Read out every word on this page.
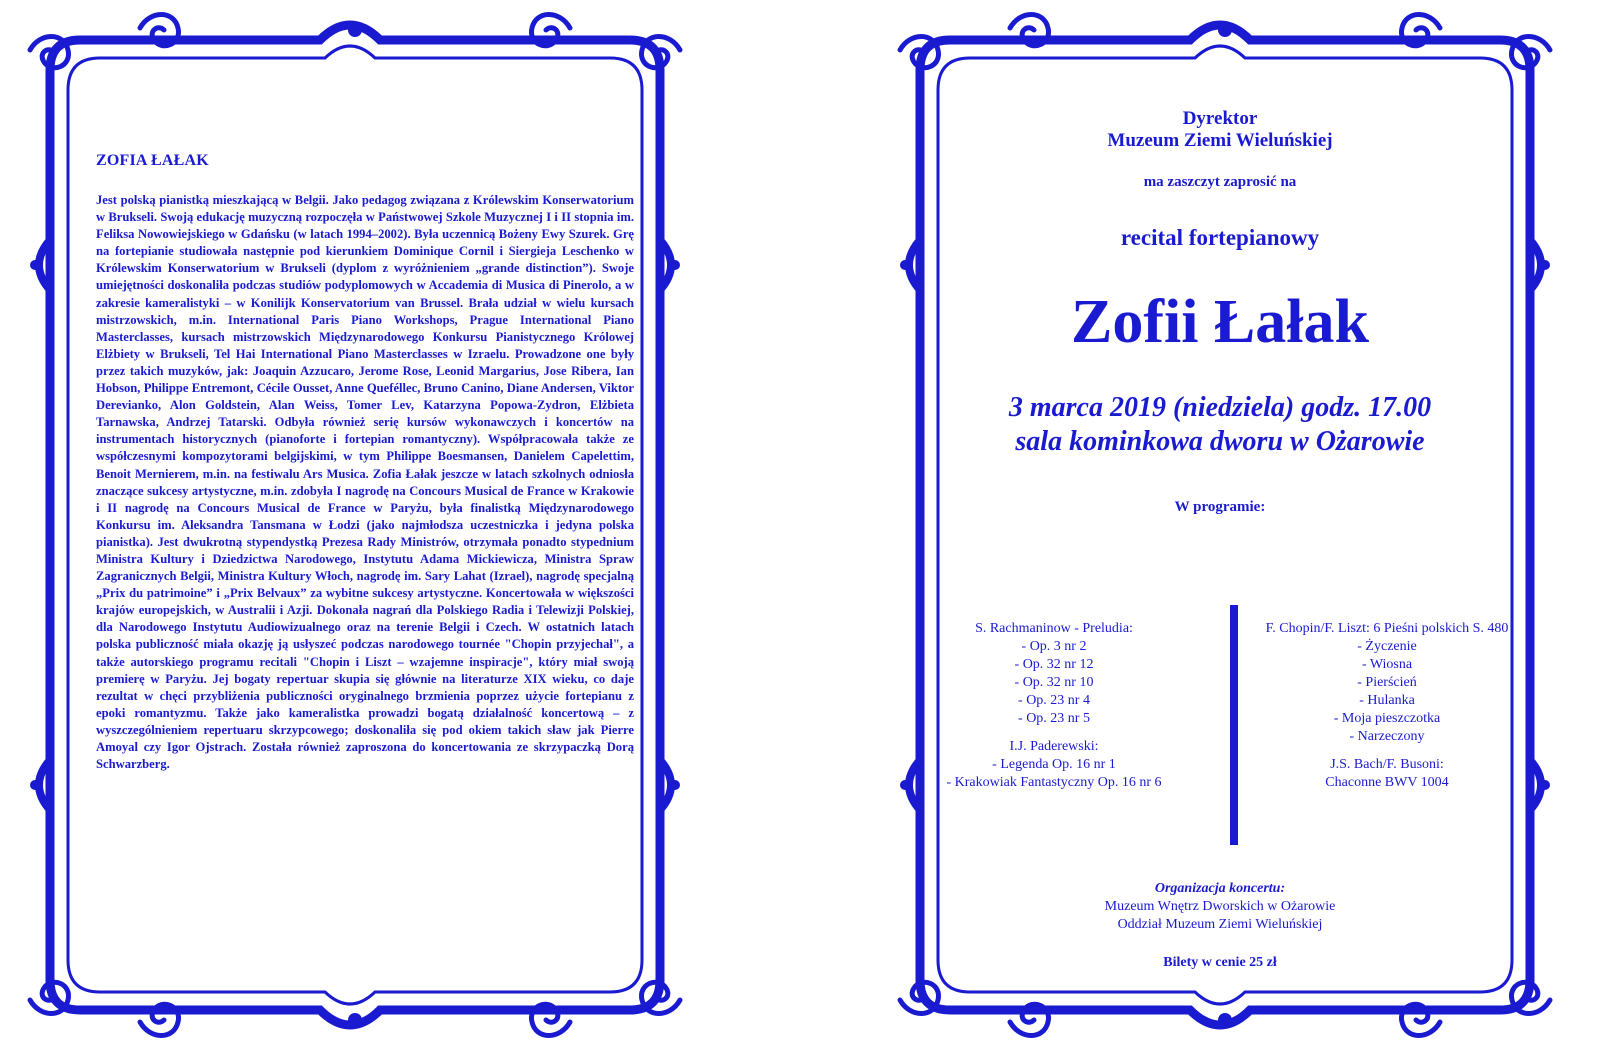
ZOFIA ŁAŁAK

Jest polską pianistką mieszkającą w Belgii. Jako pedagog związana z Królewskim Konserwatorium w Brukseli. Swoją edukację muzyczną rozpoczęła w Państwowej Szkole Muzycznej I i II stopnia im. Feliksa Nowowiejskiego w Gdańsku (w latach 1994–2002). Była uczennicą Bożeny Ewy Szurek. Grę na fortepianie studiowała następnie pod kierunkiem Dominique Cornil i Siergieja Leschenko w Królewskim Konserwatorium w Brukseli (dyplom z wyróżnieniem „grande distinction”). Swoje umiejętności doskonaliła podczas studiów podyplomowych w Accademia di Musica di Pinerolo, a w zakresie kameralistyki – w Konilijk Konservatorium van Brussel. Brała udział w wielu kursach mistrzowskich, m.in. International Paris Piano Workshops, Prague International Piano Masterclasses, kursach mistrzowskich Międzynarodowego Konkursu Pianistycznego Królowej Elżbiety w Brukseli, Tel Hai International Piano Masterclasses w Izraelu. Prowadzone one były przez takich muzyków, jak: Joaquin Azzucaro, Jerome Rose, Leonid Margarius, Jose Ribera, Ian Hobson, Philippe Entremont, Cécile Ousset, Anne Queféllec, Bruno Canino, Diane Andersen, Viktor Derevianko, Alon Goldstein, Alan Weiss, Tomer Lev, Katarzyna Popowa-Zydron, Elżbieta Tarnawska, Andrzej Tatarski. Odbyła również serię kursów wykonawczych i koncertów na instrumentach historycznych (pianoforte i fortepian romantyczny). Współpracowała także ze współczesnymi kompozytorami belgijskimi, w tym Philippe Boesmansen, Danielem Capelettim, Benoit Mernierem, m.in. na festiwalu Ars Musica. Zofia Łałak jeszcze w latach szkolnych odniosła znaczące sukcesy artystyczne, m.in. zdobyła I nagrodę na Concours Musical de France w Krakowie i II nagrodę na Concours Musical de France w Paryżu, była finalistką Międzynarodowego Konkursu im. Aleksandra Tansmana w Łodzi (jako najmłodsza uczestniczka i jedyna polska pianistka). Jest dwukrotną stypendystką Prezesa Rady Ministrów, otrzymała ponadto stypednium Ministra Kultury i Dziedzictwa Narodowego, Instytutu Adama Mickiewicza, Ministra Spraw Zagranicznych Belgii, Ministra Kultury Włoch, nagrodę im. Sary Lahat (Izrael), nagrodę specjalną „Prix du patrimoine” i „Prix Belvaux” za wybitne sukcesy artystyczne. Koncertowała w większości krajów europejskich, w Australii i Azji. Dokonała nagrań dla Polskiego Radia i Telewizji Polskiej, dla Narodowego Instytutu Audiowizualnego oraz na terenie Belgii i Czech. W ostatnich latach polska publiczność miała okazję ją usłyszeć podczas narodowego tournée "Chopin przyjechał", a także autorskiego programu recitali "Chopin i Liszt – wzajemne inspiracje", który miał swoją premierę w Paryżu. Jej bogaty repertuar skupia się głównie na literaturze XIX wieku, co daje rezultat w chęci przybliżenia publiczności oryginalnego brzmienia poprzez użycie fortepianu z epoki romantyzmu. Także jako kameralistka prowadzi bogatą działalność koncertową – z wyszczególnieniem repertuaru skrzypcowego; doskonaliła się pod okiem takich sław jak Pierre Amoyal czy Igor Ojstrach. Została również zaproszona do koncertowania ze skrzypaczką Dorą Schwarzberg.

Dyrektor
Muzeum Ziemi Wieluńskiej
ma zaszczyt zaprosić na
recital fortepianowy
Zofii Łałak
3 marca 2019 (niedziela) godz. 17.00
sala kominkowa dworu w Ożarowie
W programie:
S. Rachmaninow - Preludia:
- Op. 3 nr 2
- Op. 32 nr 12
- Op. 32 nr 10
- Op. 23 nr 4
- Op. 23 nr 5
I.J. Paderewski:
- Legenda Op. 16 nr 1
- Krakowiak Fantastyczny Op. 16 nr 6
F. Chopin/F. Liszt: 6 Pieśni polskich S. 480
- Życzenie
- Wiosna
- Pierścień
- Hulanka
- Moja pieszczotka
- Narzeczony
J.S. Bach/F. Busoni:
Chaconne BWV 1004
Organizacja koncertu:
Muzeum Wnętrz Dworskich w Ożarowie
Oddział Muzeum Ziemi Wieluńskiej
Bilety w cenie 25 zł
